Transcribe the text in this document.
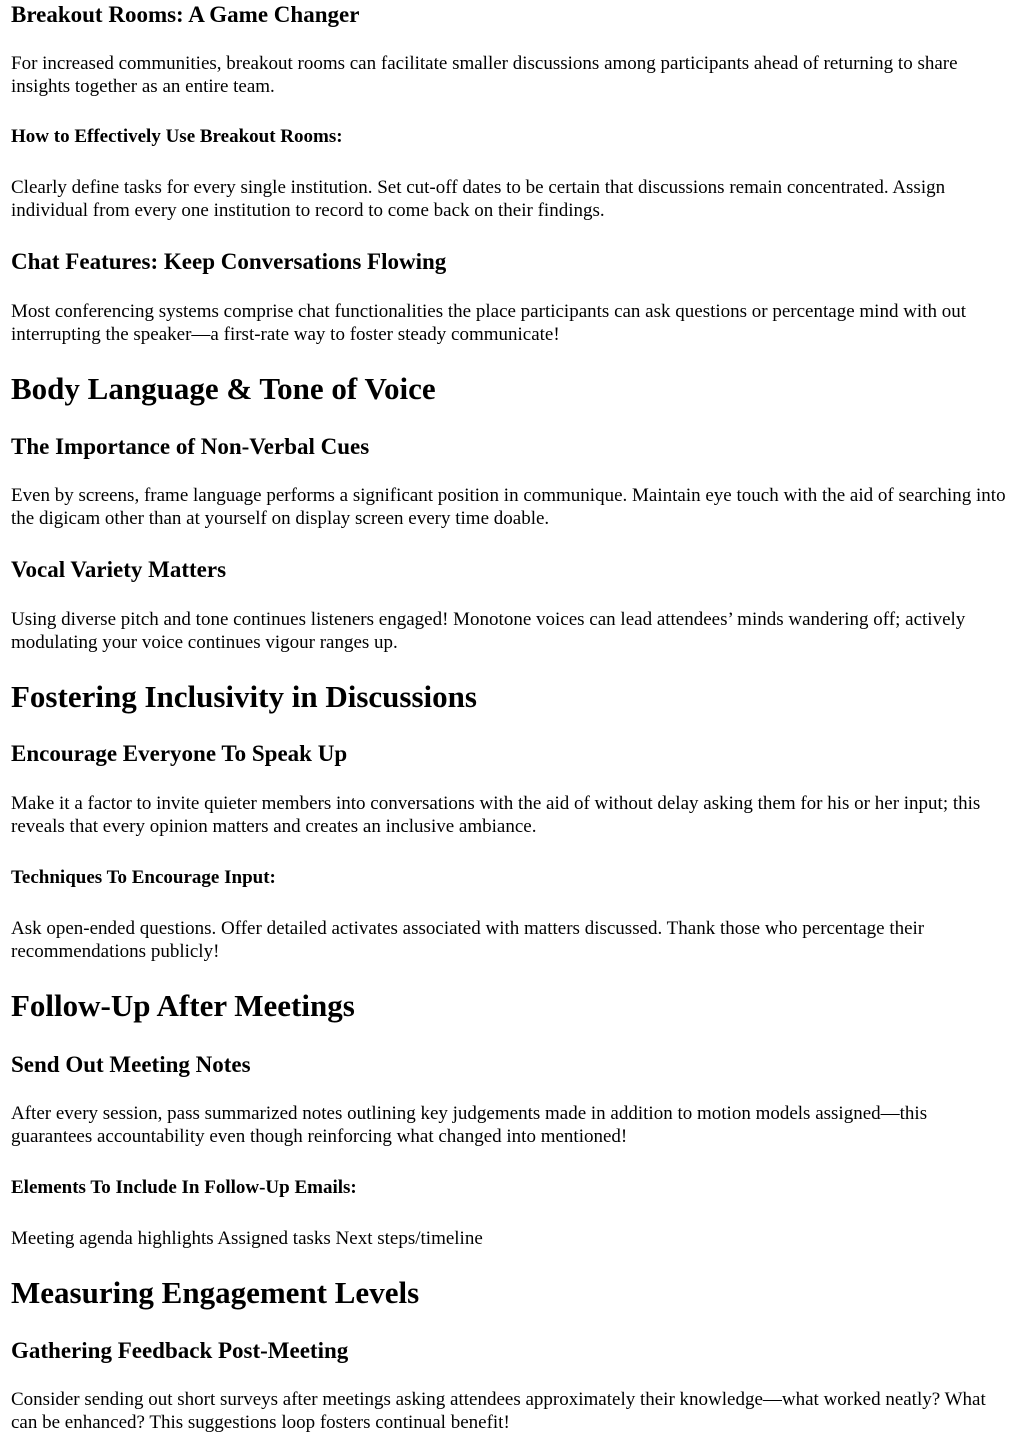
Breakout Rooms: A Game Changer

For increased communities, breakout rooms can facilitate smaller discussions among participants ahead of returning to share insights together as an entire team.

How to Effectively Use Breakout Rooms:

Clearly define tasks for every single institution. Set cut-off dates to be certain that discussions remain concentrated. Assign individual from every one institution to record to come back on their findings.

Chat Features: Keep Conversations Flowing

Most conferencing systems comprise chat functionalities the place participants can ask questions or percentage mind with out interrupting the speaker—a first-rate way to foster steady communicate!

Body Language & Tone of Voice
The Importance of Non-Verbal Cues

Even by screens, frame language performs a significant position in communique. Maintain eye touch with the aid of searching into the digicam other than at yourself on display screen every time doable.

Vocal Variety Matters

Using diverse pitch and tone continues listeners engaged! Monotone voices can lead attendees’ minds wandering off; actively modulating your voice continues vigour ranges up.

Fostering Inclusivity in Discussions
Encourage Everyone To Speak Up

Make it a factor to invite quieter members into conversations with the aid of without delay asking them for his or her input; this reveals that every opinion matters and creates an inclusive ambiance.

Techniques To Encourage Input:

Ask open-ended questions. Offer detailed activates associated with matters discussed. Thank those who percentage their recommendations publicly!

Follow-Up After Meetings
Send Out Meeting Notes

After every session, pass summarized notes outlining key judgements made in addition to motion models assigned—this guarantees accountability even though reinforcing what changed into mentioned!

Elements To Include In Follow-Up Emails:

Meeting agenda highlights Assigned tasks Next steps/timeline

Measuring Engagement Levels
Gathering Feedback Post-Meeting

Consider sending out short surveys after meetings asking attendees approximately their knowledge—what worked neatly? What can be enhanced? This suggestions loop fosters continual benefit!
